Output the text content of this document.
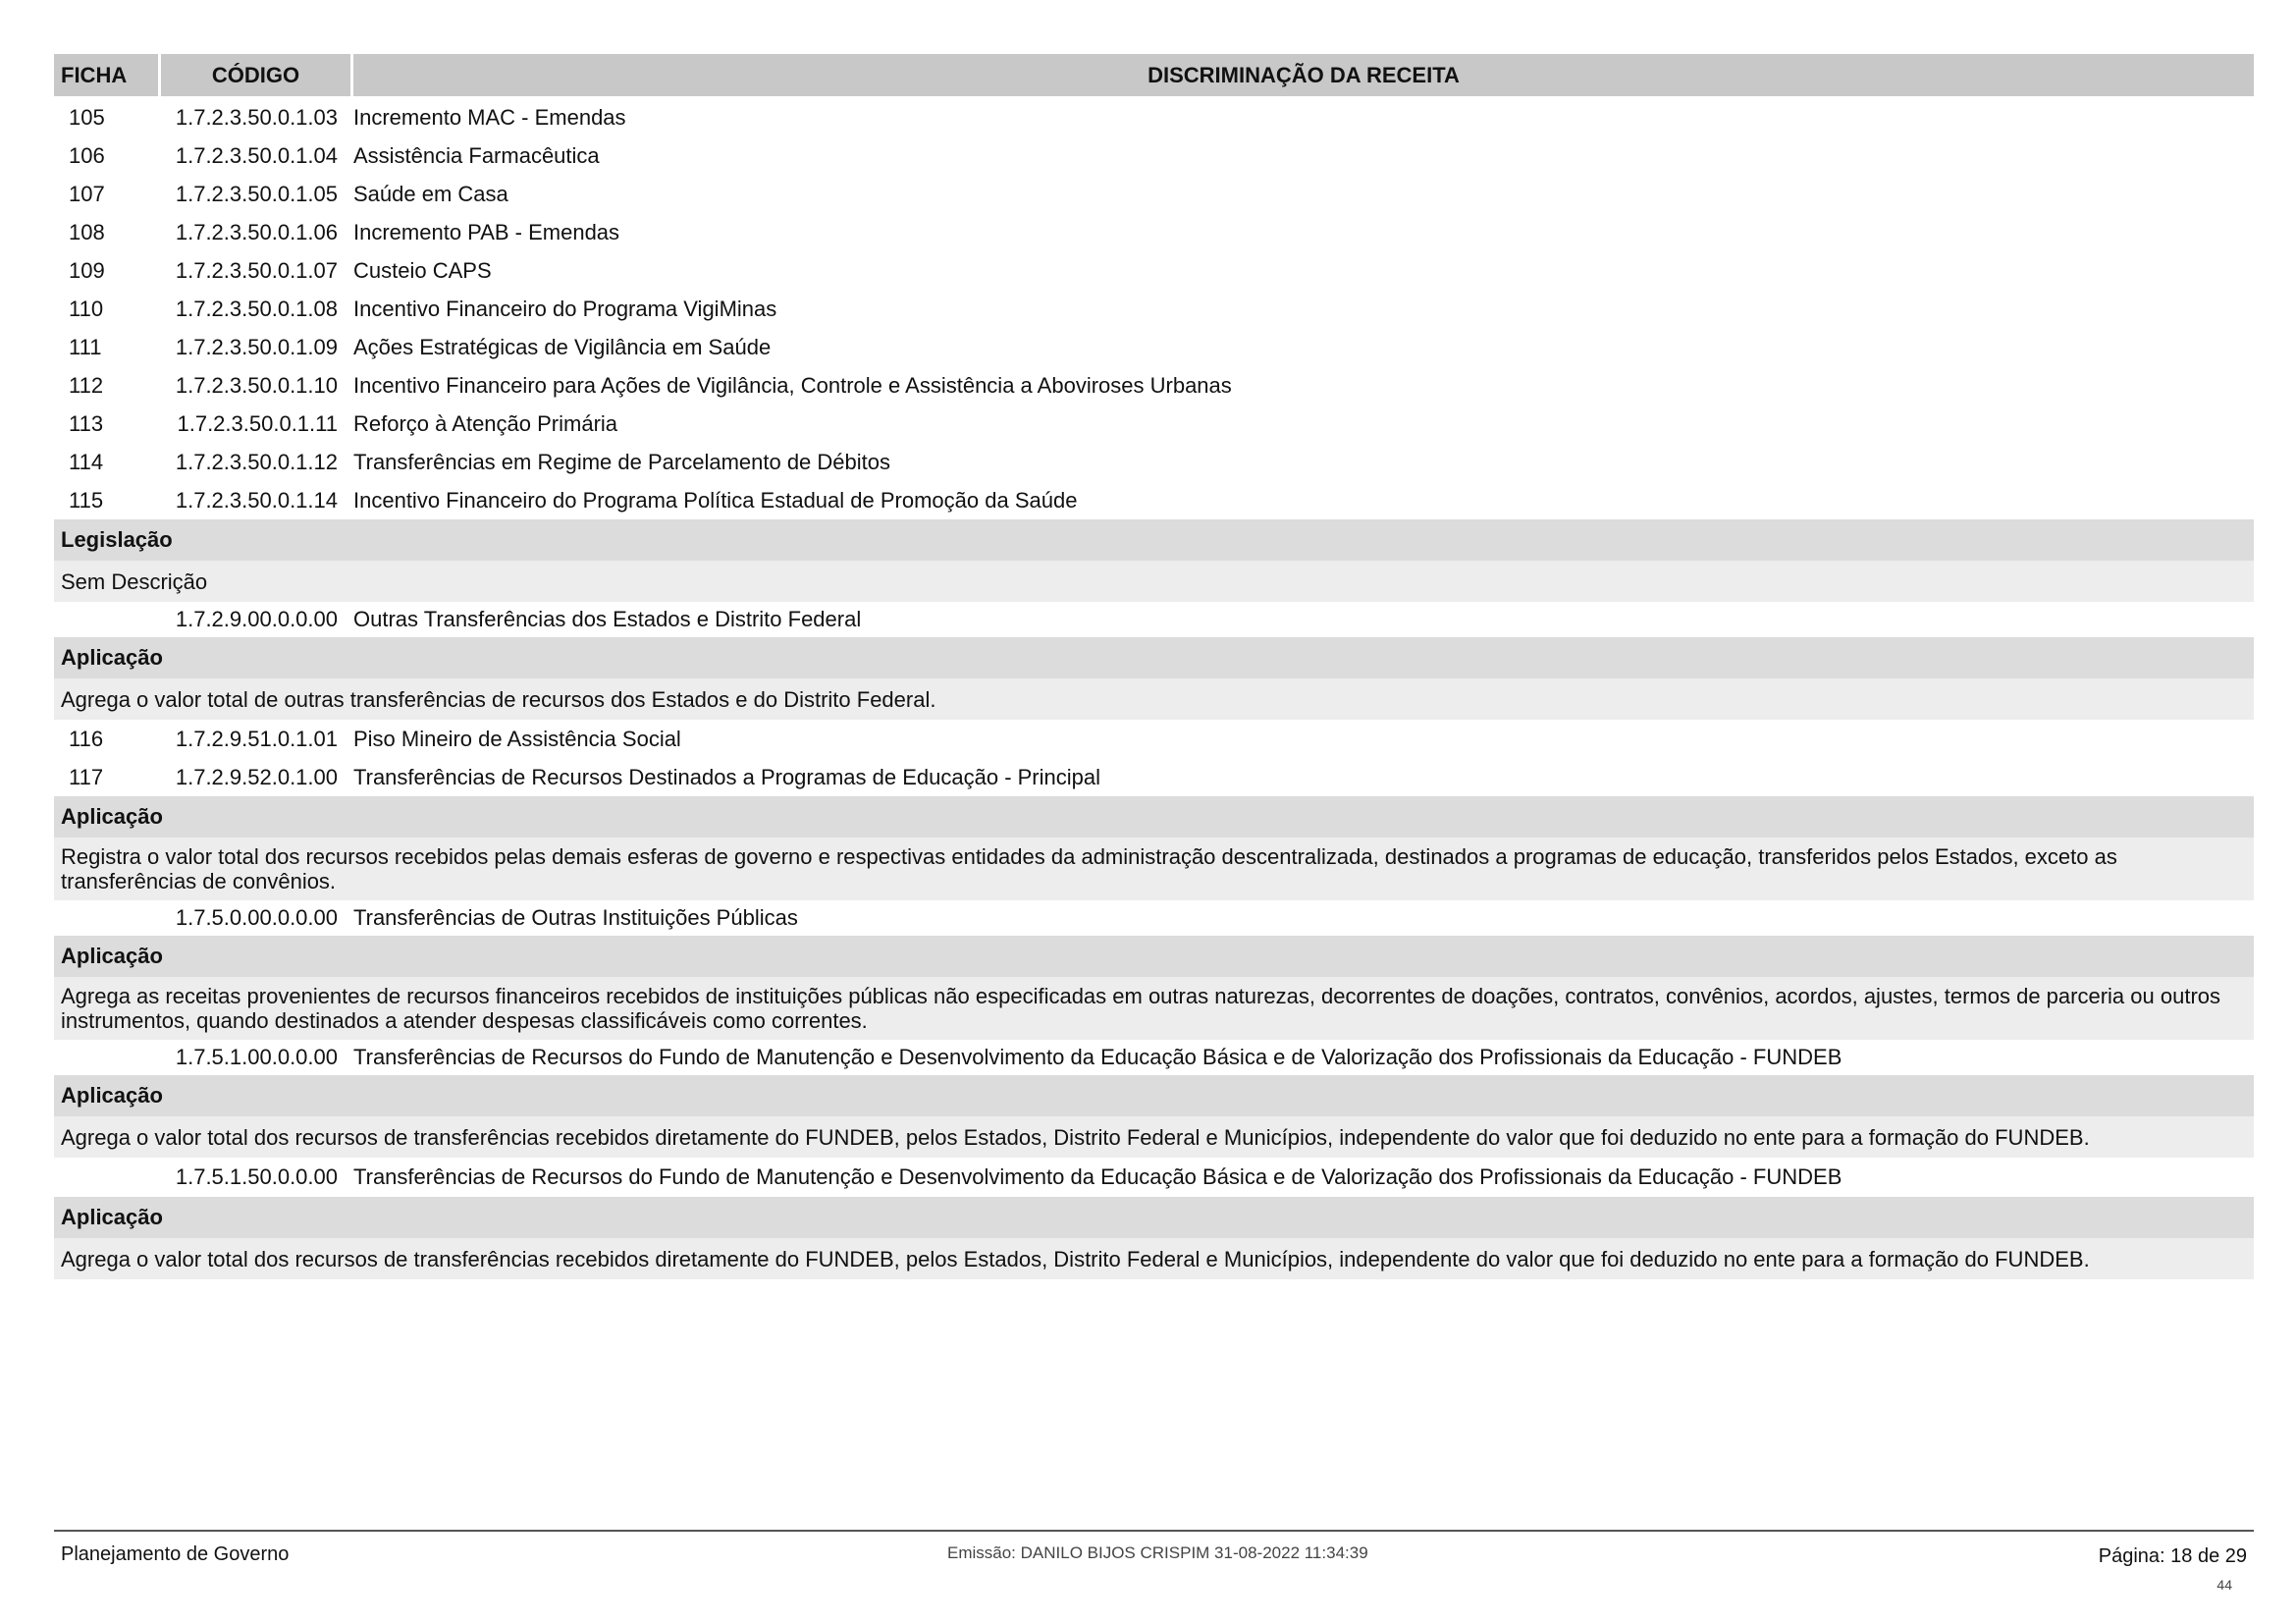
FICHA	CÓDIGO	DISCRIMINAÇÃO DA RECEITA
105	1.7.2.3.50.0.1.03 Incremento MAC - Emendas
106	1.7.2.3.50.0.1.04 Assistência Farmacêutica
107	1.7.2.3.50.0.1.05 Saúde em Casa
108	1.7.2.3.50.0.1.06 Incremento PAB - Emendas
109	1.7.2.3.50.0.1.07 Custeio CAPS
110	1.7.2.3.50.0.1.08 Incentivo Financeiro do Programa VigiMinas
111	1.7.2.3.50.0.1.09 Ações Estratégicas de Vigilância em Saúde
112	1.7.2.3.50.0.1.10 Incentivo Financeiro para Ações de Vigilância, Controle e Assistência a Aboviroses Urbanas
113	1.7.2.3.50.0.1.11 Reforço à Atenção Primária
114	1.7.2.3.50.0.1.12 Transferências em Regime de Parcelamento de Débitos
115	1.7.2.3.50.0.1.14 Incentivo Financeiro do Programa Política Estadual de Promoção da Saúde
Legislação
Sem Descrição
1.7.2.9.00.0.0.00 Outras Transferências dos Estados e Distrito Federal
Aplicação
Agrega o valor total de outras transferências de recursos dos Estados e do Distrito Federal.
116	1.7.2.9.51.0.1.01 Piso Mineiro de Assistência Social
117	1.7.2.9.52.0.1.00 Transferências de Recursos Destinados a Programas de Educação - Principal
Aplicação
Registra o valor total dos recursos recebidos pelas demais esferas de governo e respectivas entidades da administração descentralizada, destinados a programas de educação, transferidos pelos Estados, exceto as transferências de convênios.
1.7.5.0.00.0.0.00 Transferências de Outras Instituições Públicas
Aplicação
Agrega as receitas provenientes de recursos financeiros recebidos de instituições públicas não especificadas em outras naturezas, decorrentes de doações, contratos, convênios, acordos, ajustes, termos de parceria ou outros instrumentos, quando destinados a atender despesas classificáveis como correntes.
1.7.5.1.00.0.0.00 Transferências de Recursos do Fundo de Manutenção e Desenvolvimento da Educação Básica e de Valorização dos Profissionais da Educação - FUNDEB
Aplicação
Agrega o valor total dos recursos de transferências recebidos diretamente do FUNDEB, pelos Estados, Distrito Federal e Municípios, independente do valor que foi deduzido no ente para a formação do FUNDEB.
1.7.5.1.50.0.0.00 Transferências de Recursos do Fundo de Manutenção e Desenvolvimento da Educação Básica e de Valorização dos Profissionais da Educação - FUNDEB
Aplicação
Agrega o valor total dos recursos de transferências recebidos diretamente do FUNDEB, pelos Estados, Distrito Federal e Municípios, independente do valor que foi deduzido no ente para a formação do FUNDEB.
Planejamento de Governo	Emissão: DANILO BIJOS CRISPIM 31-08-2022 11:34:39	Página: 18 de 29
44
